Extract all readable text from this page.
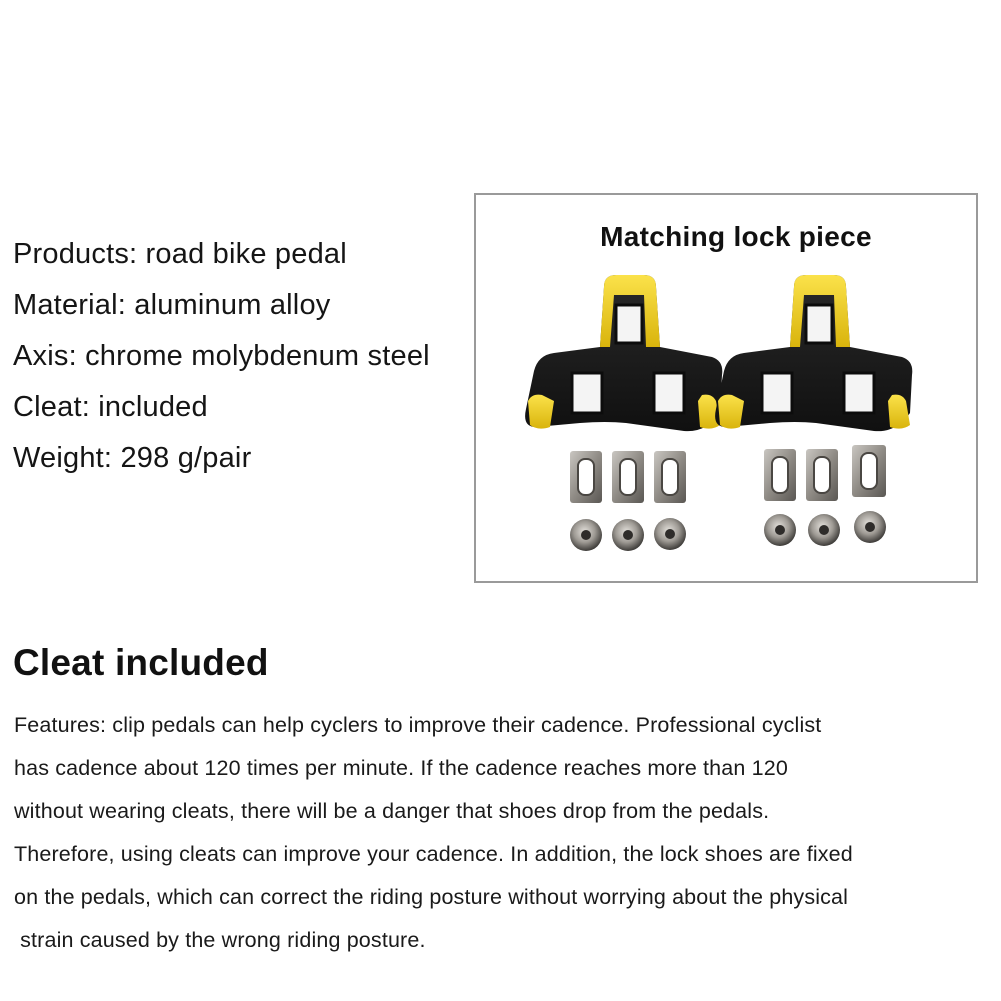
Products: road bike pedal
Material: aluminum alloy
Axis: chrome molybdenum steel
Cleat: included
Weight: 298 g/pair
Matching lock piece
Cleat included
Features: clip pedals can help cyclers to improve their cadence. Professional cyclist
has cadence about 120 times per minute. If the cadence reaches more than 120
without wearing cleats, there will be a danger that shoes drop from the pedals.
Therefore, using cleats can improve your cadence. In addition, the lock shoes are fixed
on the pedals, which can correct the riding posture without worrying about the physical
strain caused by the wrong riding posture.
